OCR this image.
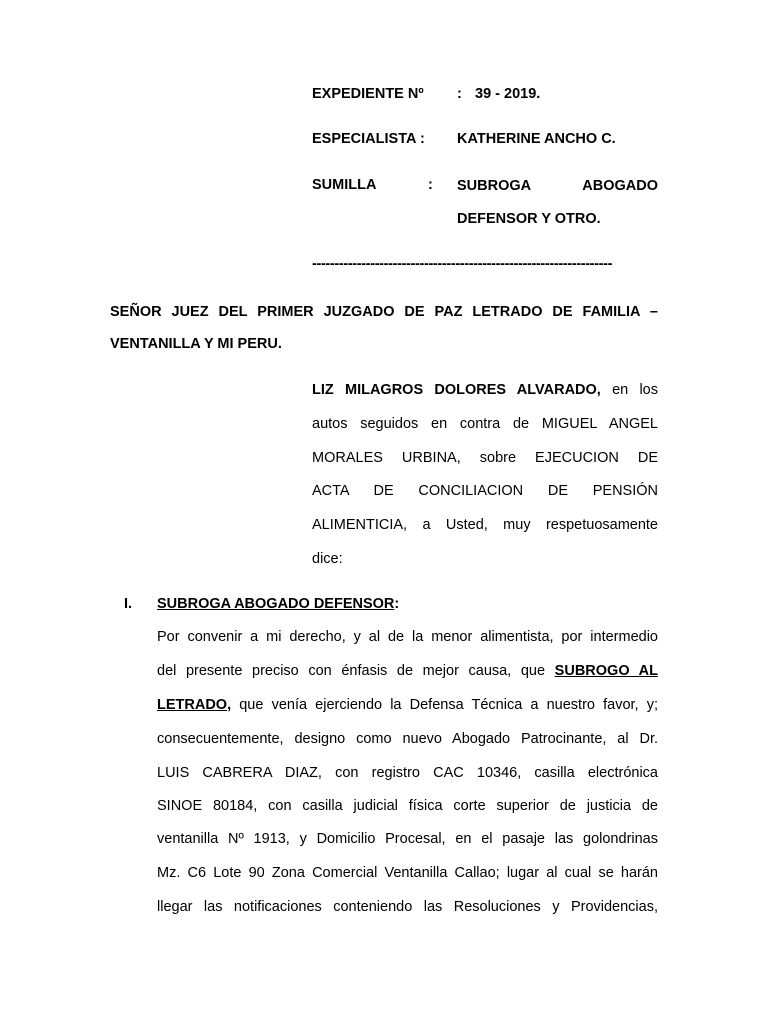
EXPEDIENTE Nº : 39 - 2019.
ESPECIALISTA : KATHERINE ANCHO C.
SUMILLA	: SUBROGA ABOGADO
DEFENSOR Y OTRO.
-------------------------------------------------------------------
SEÑOR JUEZ DEL PRIMER JUZGADO DE PAZ LETRADO DE FAMILIA –
VENTANILLA Y MI PERU.
LIZ MILAGROS DOLORES ALVARADO, en los
autos seguidos en contra de MIGUEL ANGEL
MORALES URBINA, sobre EJECUCION DE
ACTA DE CONCILIACION DE PENSIÓN
ALIMENTICIA, a Usted, muy respetuosamente
dice:
I. SUBROGA ABOGADO DEFENSOR:
Por convenir a mi derecho, y al de la menor alimentista, por intermedio
del presente preciso con énfasis de mejor causa, que SUBROGO AL
LETRADO, que venía ejerciendo la Defensa Técnica a nuestro favor, y;
consecuentemente, designo como nuevo Abogado Patrocinante, al Dr.
LUIS CABRERA DIAZ, con registro CAC 10346, casilla electrónica
SINOE 80184, con casilla judicial física corte superior de justicia de
ventanilla Nº 1913, y Domicilio Procesal, en el pasaje las golondrinas
Mz. C6 Lote 90 Zona Comercial Ventanilla Callao; lugar al cual se harán
llegar las notificaciones conteniendo las Resoluciones y Providencias,
